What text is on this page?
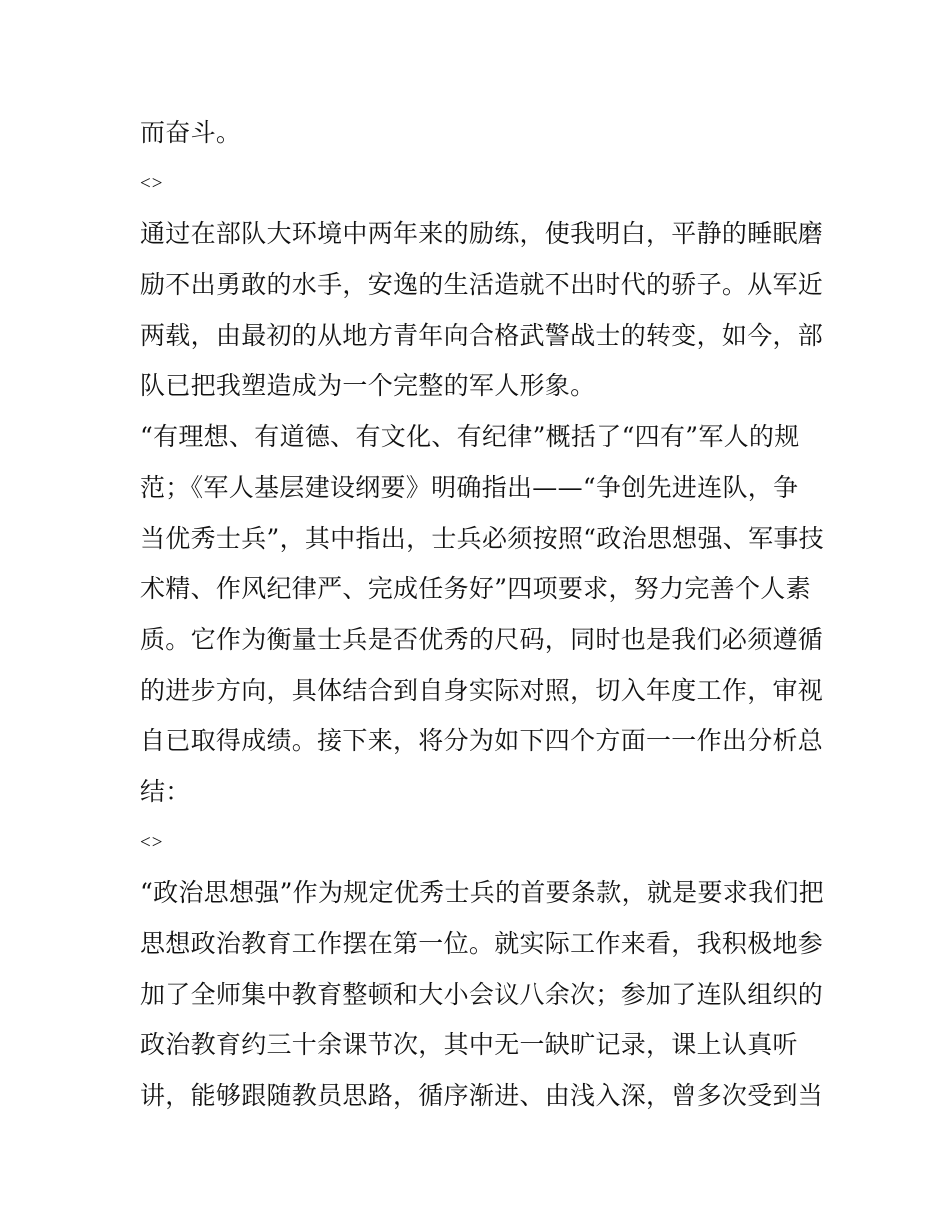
而奋斗。
<>
通过在部队大环境中两年来的励练，使我明白，平静的睡眠磨
励不出勇敢的水手，安逸的生活造就不出时代的骄子。从军近
两载，由最初的从地方青年向合格武警战士的转变，如今，部
队已把我塑造成为一个完整的军人形象。
“有理想、有道德、有文化、有纪律”概括了“四有”军人的规
范；《军人基层建设纲要》明确指出——“争创先进连队，争
当优秀士兵”，其中指出，士兵必须按照“政治思想强、军事技
术精、作风纪律严、完成任务好”四项要求，努力完善个人素
质。它作为衡量士兵是否优秀的尺码，同时也是我们必须遵循
的进步方向，具体结合到自身实际对照，切入年度工作，审视
自已取得成绩。接下来，将分为如下四个方面一一作出分析总
结：
<>
“政治思想强”作为规定优秀士兵的首要条款，就是要求我们把
思想政治教育工作摆在第一位。就实际工作来看，我积极地参
加了全师集中教育整顿和大小会议八余次；参加了连队组织的
政治教育约三十余课节次，其中无一缺旷记录，课上认真听
讲，能够跟随教员思路，循序渐进、由浅入深，曾多次受到当
